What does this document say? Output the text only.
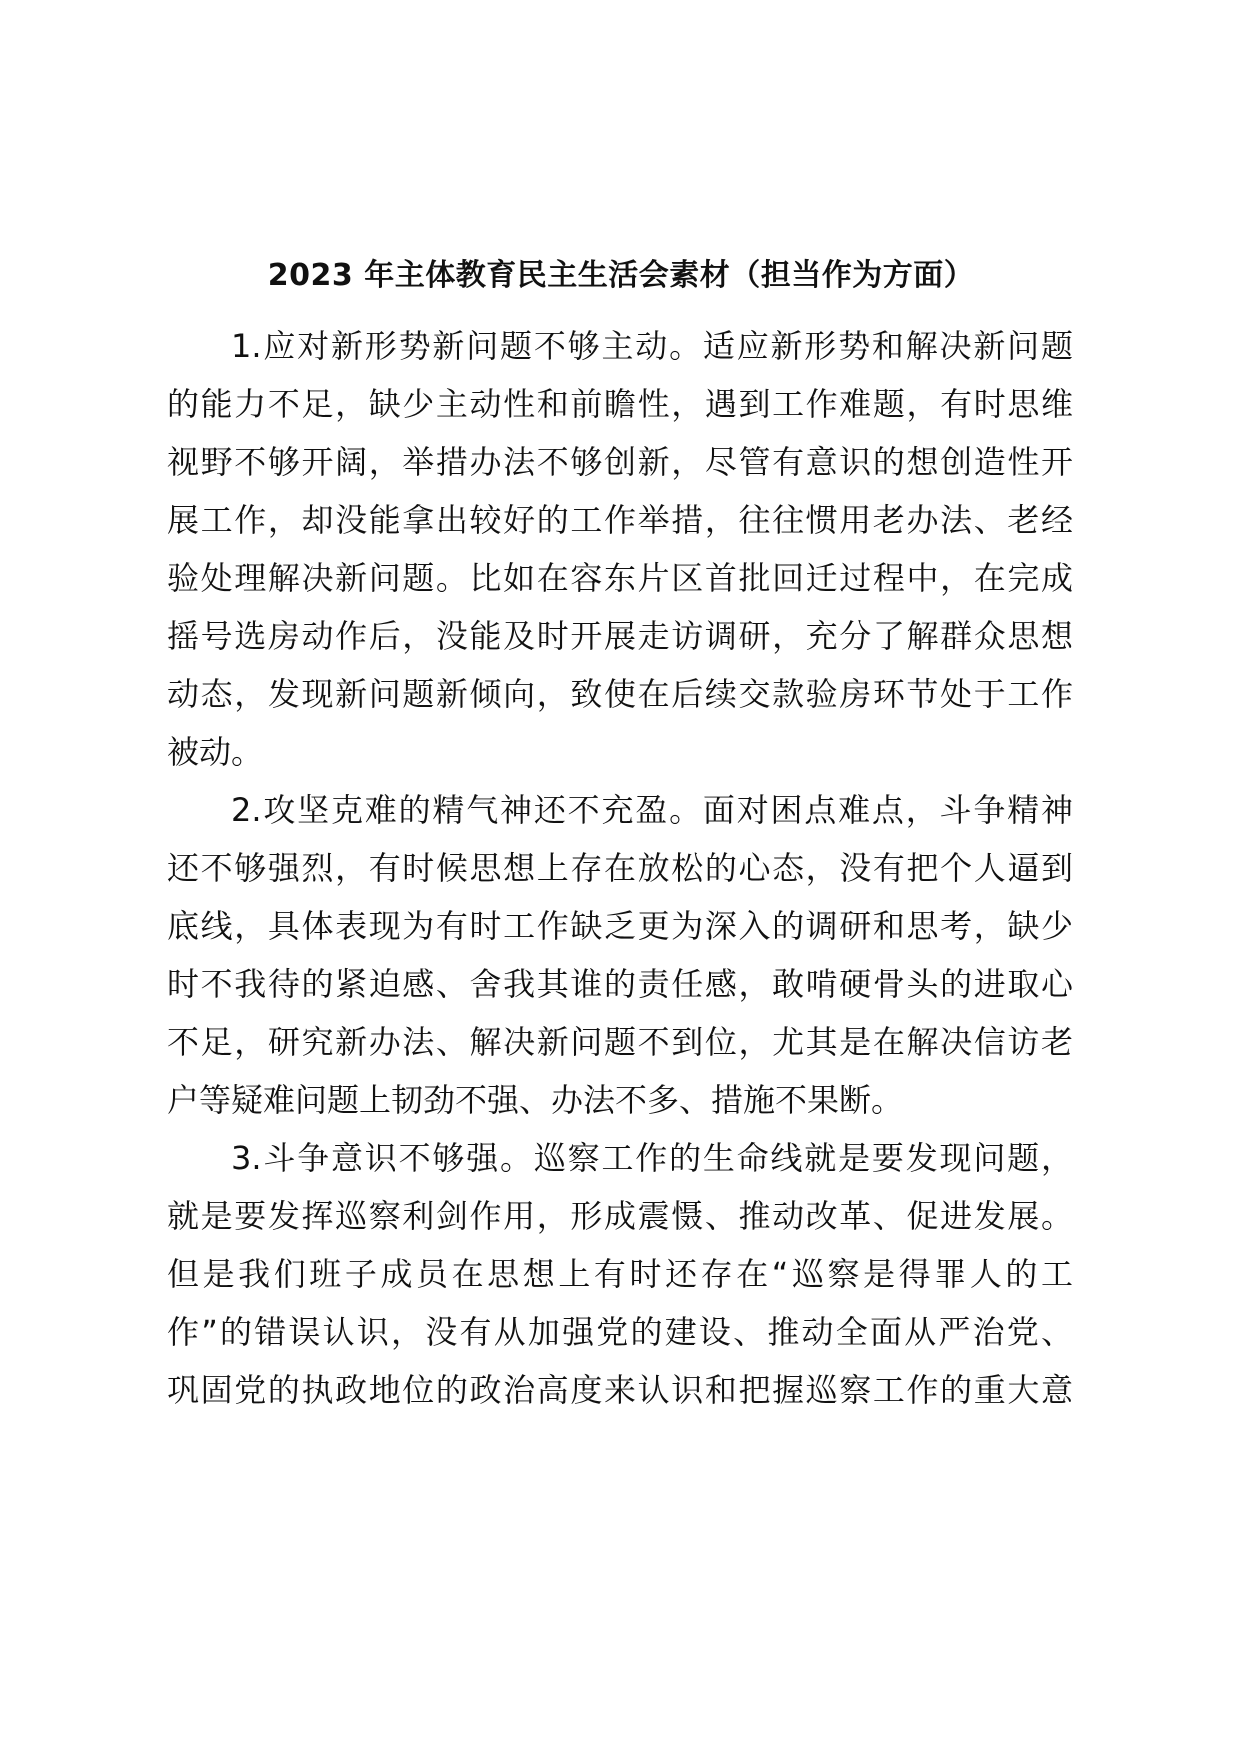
2023 年主体教育民主生活会素材（担当作为方面）

1.应对新形势新问题不够主动。适应新形势和解决新问题

的能力不足，缺少主动性和前瞻性，遇到工作难题，有时思维

视野不够开阔，举措办法不够创新，尽管有意识的想创造性开

展工作，却没能拿出较好的工作举措，往往惯用老办法、老经

验处理解决新问题。比如在容东片区首批回迁过程中，在完成

摇号选房动作后，没能及时开展走访调研，充分了解群众思想

动态，发现新问题新倾向，致使在后续交款验房环节处于工作

被动。

2.攻坚克难的精气神还不充盈。面对困点难点，斗争精神

还不够强烈，有时候思想上存在放松的心态，没有把个人逼到

底线，具体表现为有时工作缺乏更为深入的调研和思考，缺少

时不我待的紧迫感、舍我其谁的责任感，敢啃硬骨头的进取心

不足，研究新办法、解决新问题不到位，尤其是在解决信访老

户等疑难问题上韧劲不强、办法不多、措施不果断。

3.斗争意识不够强。巡察工作的生命线就是要发现问题，

就是要发挥巡察利剑作用，形成震慑、推动改革、促进发展。

但是我们班子成员在思想上有时还存在“巡察是得罪人的工

作”的错误认识，没有从加强党的建设、推动全面从严治党、

巩固党的执政地位的政治高度来认识和把握巡察工作的重大意
